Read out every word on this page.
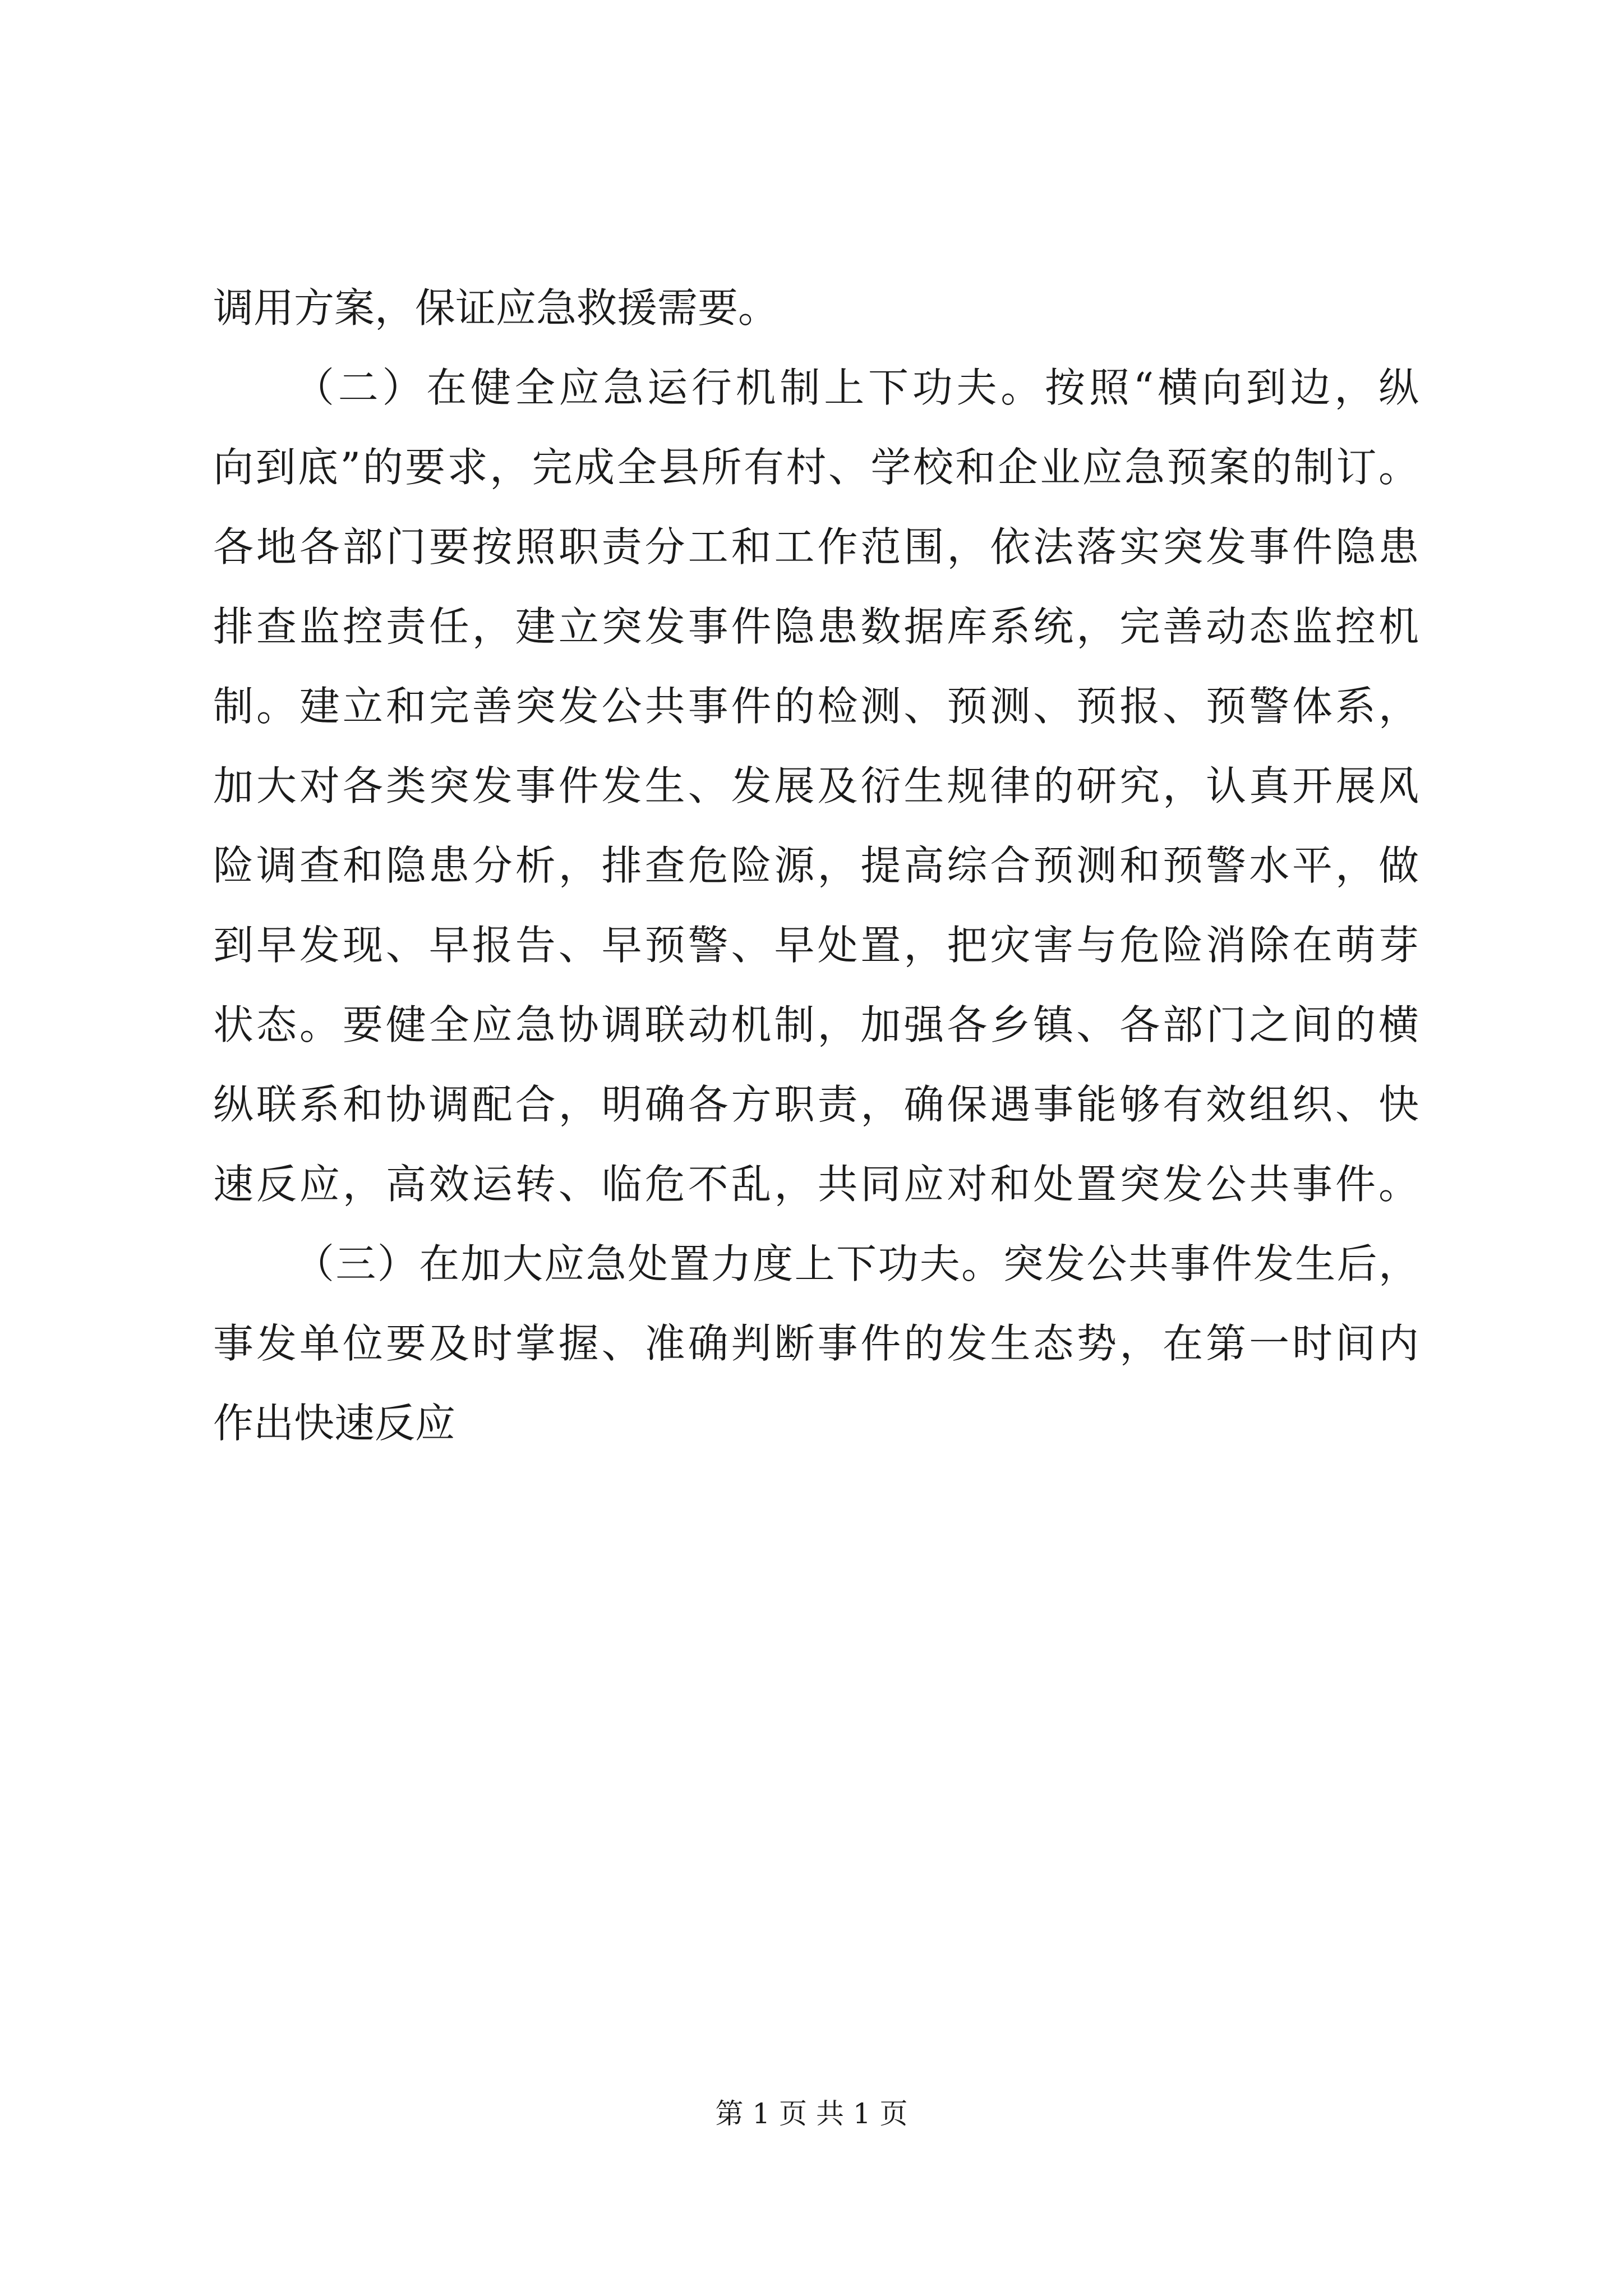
调用方案，保证应急救援需要。
（二）在健全应急运行机制上下功夫。按照“横向到边，纵
向到底”的要求，完成全县所有村、学校和企业应急预案的制订。
各地各部门要按照职责分工和工作范围，依法落实突发事件隐患
排查监控责任，建立突发事件隐患数据库系统，完善动态监控机
制。建立和完善突发公共事件的检测、预测、预报、预警体系，
加大对各类突发事件发生、发展及衍生规律的研究，认真开展风
险调查和隐患分析，排查危险源，提高综合预测和预警水平，做
到早发现、早报告、早预警、早处置，把灾害与危险消除在萌芽
状态。要健全应急协调联动机制，加强各乡镇、各部门之间的横
纵联系和协调配合，明确各方职责，确保遇事能够有效组织、快
速反应，高效运转、临危不乱，共同应对和处置突发公共事件。
（三）在加大应急处置力度上下功夫。突发公共事件发生后，
事发单位要及时掌握、准确判断事件的发生态势，在第一时间内
作出快速反应
第 1 页 共 1 页
